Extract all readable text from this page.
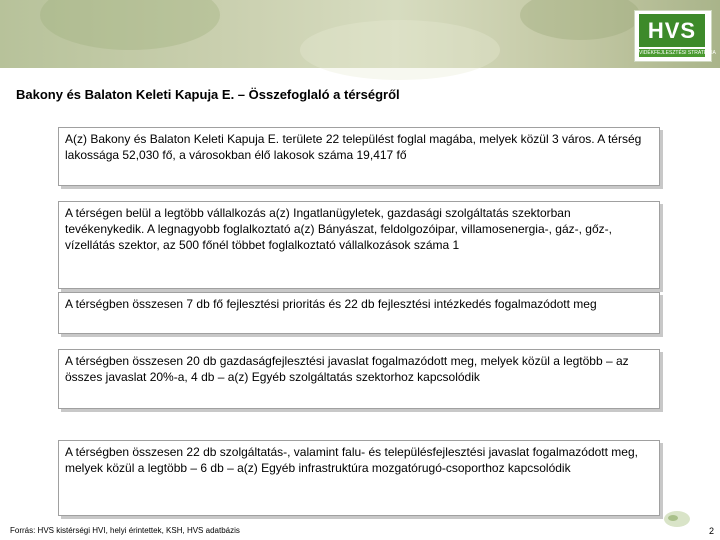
HVS
VIDÉKFEJLESZTÉSI STRATÉGIA
Bakony és Balaton Keleti Kapuja E. – Összefoglaló a térségről
A(z) Bakony és Balaton Keleti Kapuja E. területe 22 települést foglal magába, melyek közül 3 város. A térség lakossága 52,030 fő, a városokban élő lakosok száma 19,417 fő
A térségen belül a legtöbb vállalkozás a(z) Ingatlanügyletek, gazdasági szolgáltatás szektorban tevékenykedik. A legnagyobb foglalkoztató a(z) Bányászat, feldolgozóipar, villamosenergia-, gáz-, gőz-, vízellátás szektor, az 500 főnél többet foglalkoztató vállalkozások száma 1
A térségben összesen 7 db fő fejlesztési prioritás és 22 db fejlesztési intézkedés fogalmazódott meg
A térségben összesen 20 db gazdaságfejlesztési javaslat fogalmazódott meg, melyek közül a legtöbb – az összes javaslat 20%-a, 4 db – a(z) Egyéb szolgáltatás szektorhoz kapcsolódik
A térségben összesen 22 db szolgáltatás-, valamint falu- és településfejlesztési javaslat fogalmazódott meg, melyek közül a legtöbb – 6 db – a(z) Egyéb infrastruktúra mozgatórugó-csoporthoz kapcsolódik
Forrás: HVS kistérségi HVI, helyi érintettek, KSH, HVS adatbázis	2
